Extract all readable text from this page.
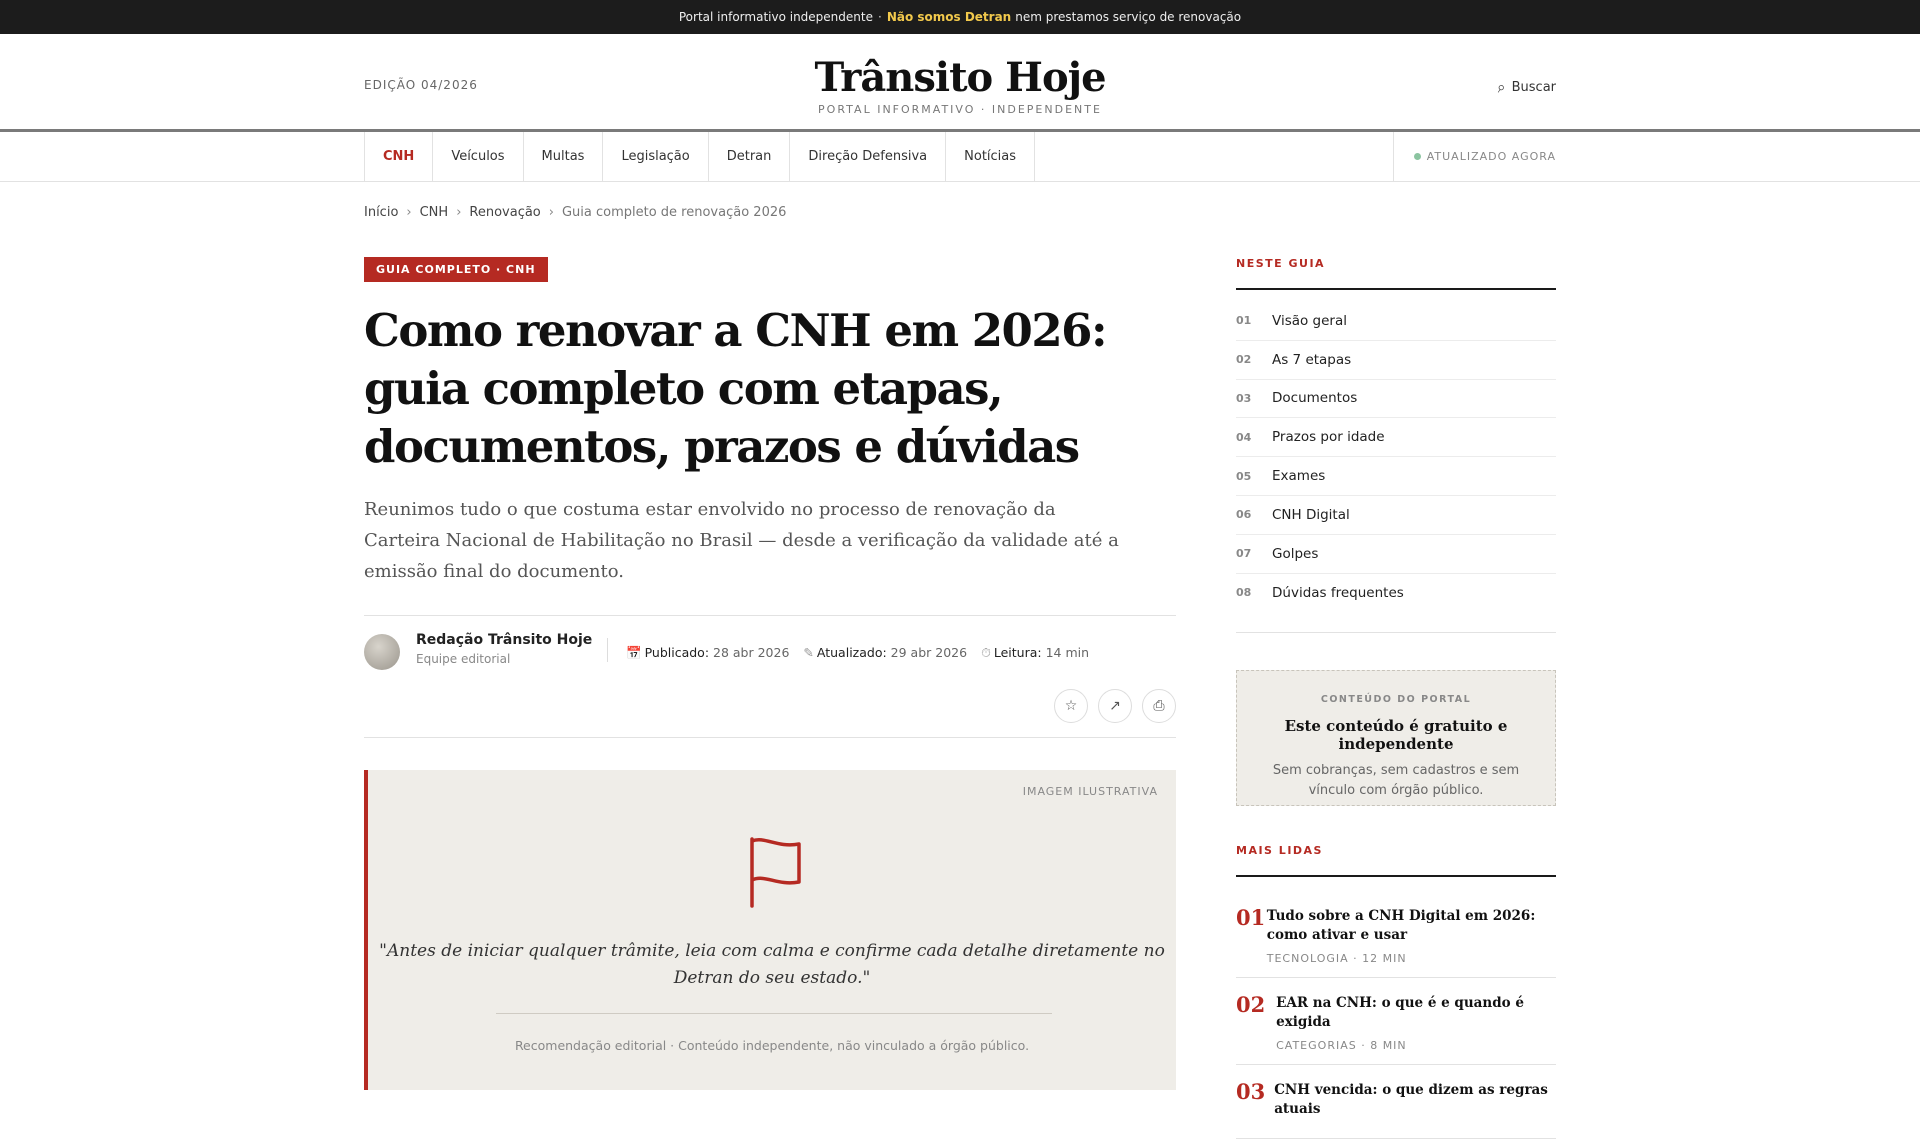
Portal informativo independente · Não somos Detran nem prestamos serviço de renovação
EDIÇÃO 04/2026	Trânsito Hoje
PORTAL INFORMATIVO · INDEPENDENTE
⌕ Buscar
CNH	Veículos	Multas	Legislação	Detran	Direção Defensiva	Notícias	ATUALIZADO AGORA
Início › CNH › Renovação › Guia completo de renovação 2026
GUIA COMPLETO · CNH
Como renovar a CNH em 2026: guia completo com etapas, documentos, prazos e dúvidas

Reunimos tudo o que costuma estar envolvido no processo de renovação da Carteira Nacional de Habilitação no Brasil — desde a verificação da validade até a emissão final do documento.

Redação Trânsito Hoje
Equipe editorial	📅 Publicado: 28 abr 2026 ✎ Atualizado: 29 abr 2026 ⏱ Leitura: 14 min
☆ ↗ ⎙
IMAGEM ILUSTRATIVA
"Antes de iniciar qualquer trâmite, leia com calma e confirme cada detalhe diretamente no Detran do seu estado."
Recomendação editorial · Conteúdo independente, não vinculado a órgão público.
NESTE GUIA
01	Visão geral
02	As 7 etapas
03	Documentos
04	Prazos por idade
05	Exames
06	CNH Digital
07	Golpes
08	Dúvidas frequentes
CONTEÚDO DO PORTAL
Este conteúdo é gratuito e independente
Sem cobranças, sem cadastros e sem vínculo com órgão público.
MAIS LIDAS
01 Tudo sobre a CNH Digital em 2026: como ativar e usar
TECNOLOGIA · 12 MIN
02 EAR na CNH: o que é e quando é exigida
CATEGORIAS · 8 MIN
03 CNH vencida: o que dizem as regras atuais
